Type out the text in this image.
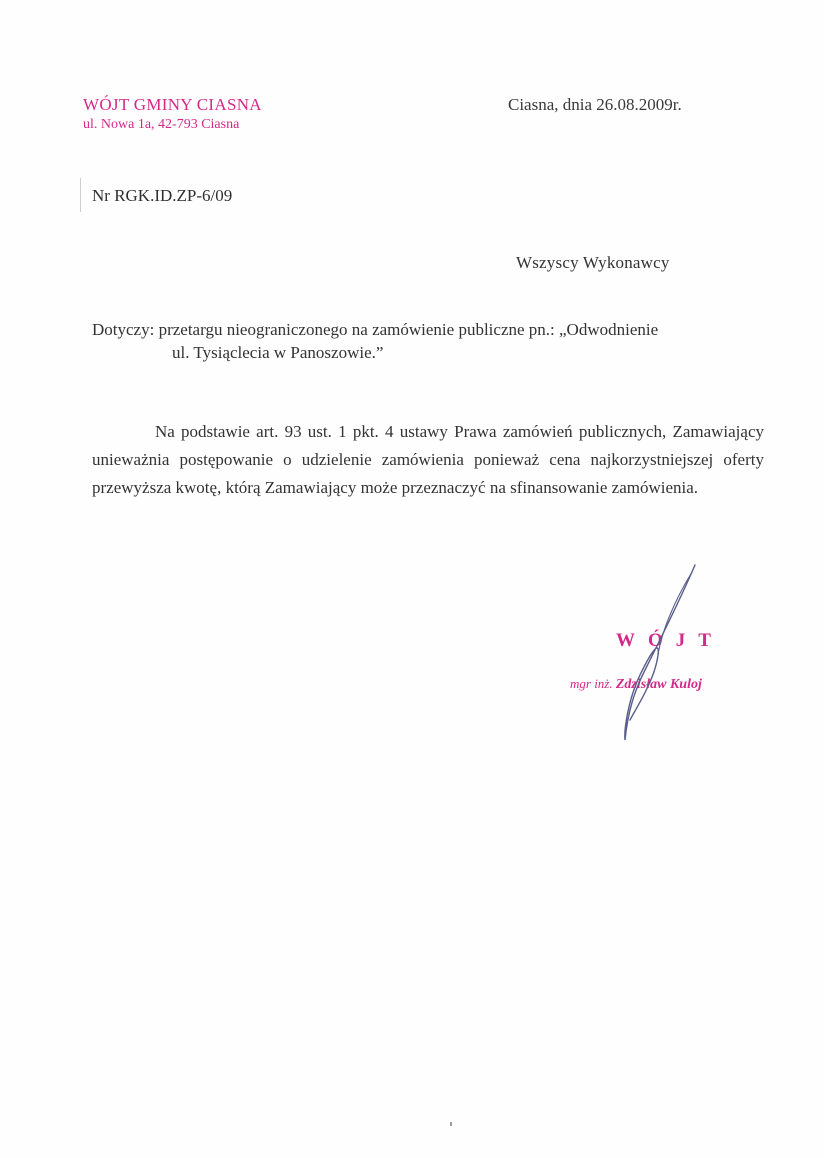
WÓJT GMINY CIASNA
ul. Nowa 1a, 42-793 Ciasna
Ciasna, dnia 26.08.2009r.
Nr RGK.ID.ZP-6/09
Wszyscy Wykonawcy
Dotyczy: przetargu nieograniczonego na zamówienie publiczne pn.: „Odwodnienie
ul. Tysiąclecia w Panoszowie.”
Na podstawie art. 93 ust. 1 pkt. 4 ustawy Prawa zamówień publicznych, Zamawiający unieważnia postępowanie o udzielenie zamówienia ponieważ cena najkorzystniejszej oferty przewyższa kwotę, którą Zamawiający może przeznaczyć na sfinansowanie zamówienia.
WÓJT
mgr inż. Zdzisław Kuloj
